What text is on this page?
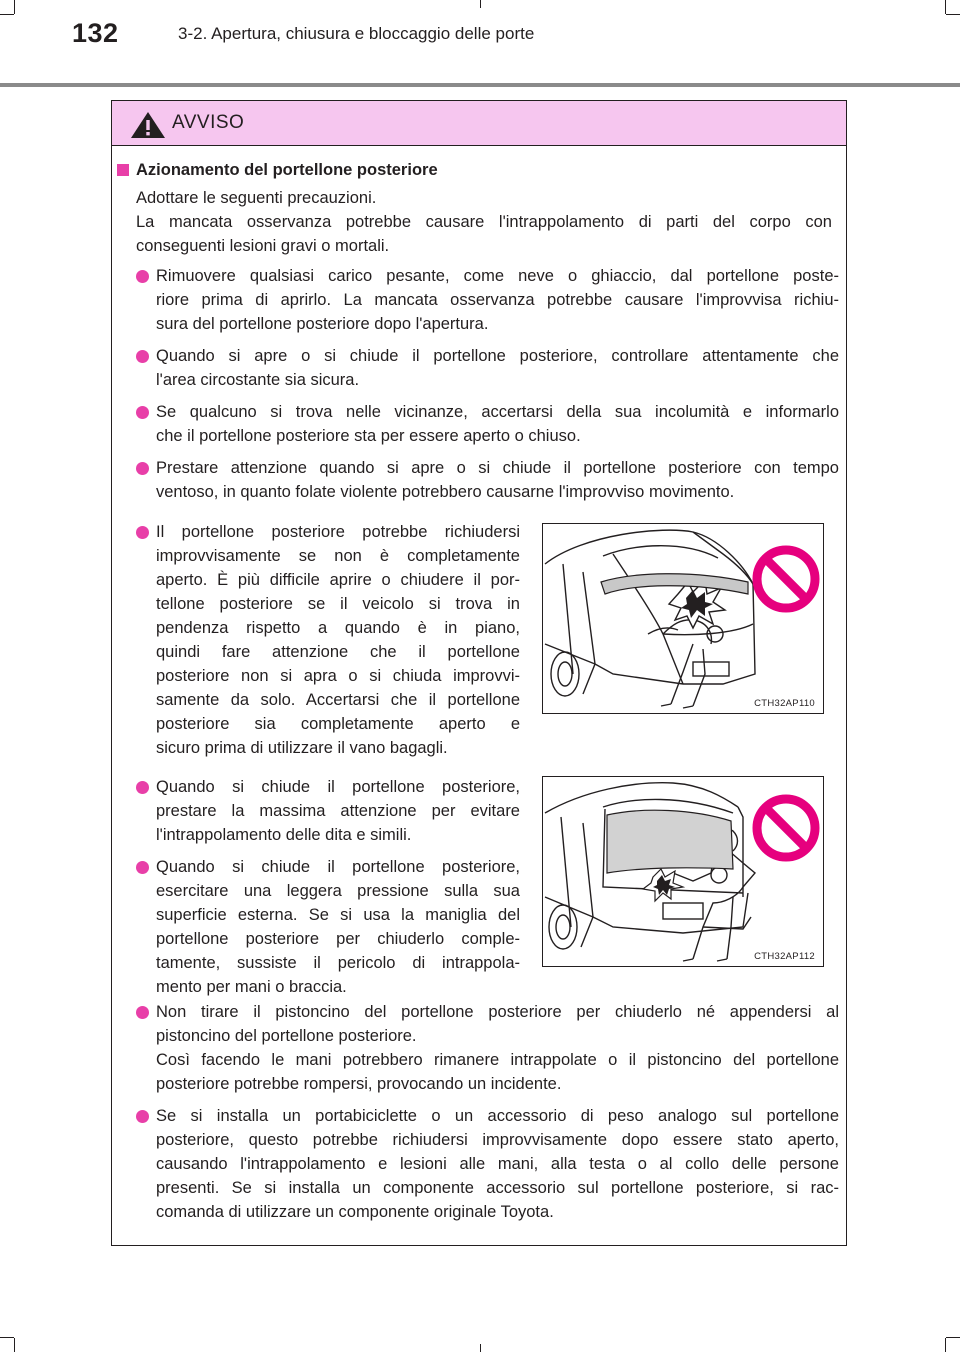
132	3-2. Apertura, chiusura e bloccaggio delle porte
AVVISO
Azionamento del portellone posteriore
Adottare le seguenti precauzioni.
La mancata osservanza potrebbe causare l'intrappolamento di parti del corpo con
conseguenti lesioni gravi o mortali.
Rimuovere qualsiasi carico pesante, come neve o ghiaccio, dal portellone poste-
riore prima di aprirlo. La mancata osservanza potrebbe causare l'improvvisa richiu-
sura del portellone posteriore dopo l'apertura.
Quando si apre o si chiude il portellone posteriore, controllare attentamente che
l'area circostante sia sicura.
Se qualcuno si trova nelle vicinanze, accertarsi della sua incolumità e informarlo
che il portellone posteriore sta per essere aperto o chiuso.
Prestare attenzione quando si apre o si chiude il portellone posteriore con tempo
ventoso, in quanto folate violente potrebbero causarne l'improvviso movimento.
Il portellone posteriore potrebbe richiudersi
improvvisamente se non è completamente
aperto. È più difficile aprire o chiudere il por-
tellone posteriore se il veicolo si trova in
pendenza rispetto a quando è in piano,
quindi fare attenzione che il portellone
posteriore non si apra o si chiuda improvvi-
samente da solo. Accertarsi che il portellone
posteriore sia completamente aperto e
sicuro prima di utilizzare il vano bagagli.
CTH32AP110
Quando si chiude il portellone posteriore,
prestare la massima attenzione per evitare
l'intrappolamento delle dita e simili.
Quando si chiude il portellone posteriore,
esercitare una leggera pressione sulla sua
superficie esterna. Se si usa la maniglia del
portellone posteriore per chiuderlo comple-
tamente, sussiste il pericolo di intrappola-
mento per mani o braccia.
CTH32AP112
Non tirare il pistoncino del portellone posteriore per chiuderlo né appendersi al
pistoncino del portellone posteriore.
Così facendo le mani potrebbero rimanere intrappolate o il pistoncino del portellone
posteriore potrebbe rompersi, provocando un incidente.
Se si installa un portabiciclette o un accessorio di peso analogo sul portellone
posteriore, questo potrebbe richiudersi improvvisamente dopo essere stato aperto,
causando l'intrappolamento e lesioni alle mani, alla testa o al collo delle persone
presenti. Se si installa un componente accessorio sul portellone posteriore, si rac-
comanda di utilizzare un componente originale Toyota.
